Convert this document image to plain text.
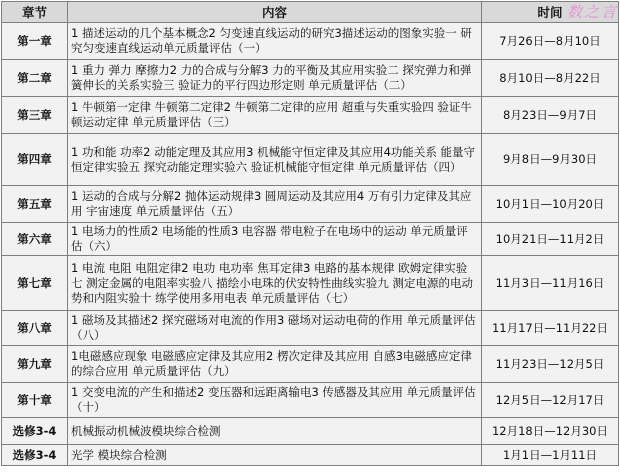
章节	内容	时间
第一章	1 描述运动的几个基本概念2 匀变速直线运动的研究3描述运动的图象实验一 研究匀变速直线运动单元质量评估（一）	7月26日—8月10日
第二章	1 重力 弹力 摩擦力2 力的合成与分解3 力的平衡及其应用实验二 探究弹力和弹簧伸长的关系实验三 验证力的平行四边形定则 单元质量评估（二）	8月10日—8月22日
第三章	1 牛顿第一定律 牛顿第二定律2 牛顿第二定律的应用 超重与失重实验四 验证牛顿运动定律 单元质量评估（三）	8月23日—9月7日
第四章	1 功和能 功率2 动能定理及其应用3 机械能守恒定律及其应用4功能关系 能量守恒定律实验五 探究动能定理实验六 验证机械能守恒定律 单元质量评估（四）	9月8日—9月30日
第五章	1 运动的合成与分解2 抛体运动规律3 圆周运动及其应用4 万有引力定律及其应用 宇宙速度 单元质量评估（五）	10月1日—10月20日
第六章	1 电场力的性质2 电场能的性质3 电容器 带电粒子在电场中的运动 单元质量评估（六）	10月21日—11月2日
第七章	1 电流 电阻 电阻定律2 电功 电功率 焦耳定律3 电路的基本规律 欧姆定律实验七 测定金属的电阻率实验八 描绘小电珠的伏安特性曲线实验九 测定电源的电动势和内阻实验十 练学使用多用电表 单元质量评估（七）	11月3日—11月16日
第八章	1 磁场及其描述2 探究磁场对电流的作用3 磁场对运动电荷的作用 单元质量评估（八）	11月17日—11月22日
第九章	1电磁感应现象 电磁感应定律及其应用2 楞次定律及其应用 自感3电磁感应定律的综合应用 单元质量评估（九）	11月23日—12月5日
第十章	1 交变电流的产生和描述2 变压器和远距离输电3 传感器及其应用 单元质量评估（十）	12月5日—12月17日
选修3-4	机械振动机械波模块综合检测	12月18日—12月30日
选修3-4	光学 模块综合检测	1月1日—1月11日
数之言
